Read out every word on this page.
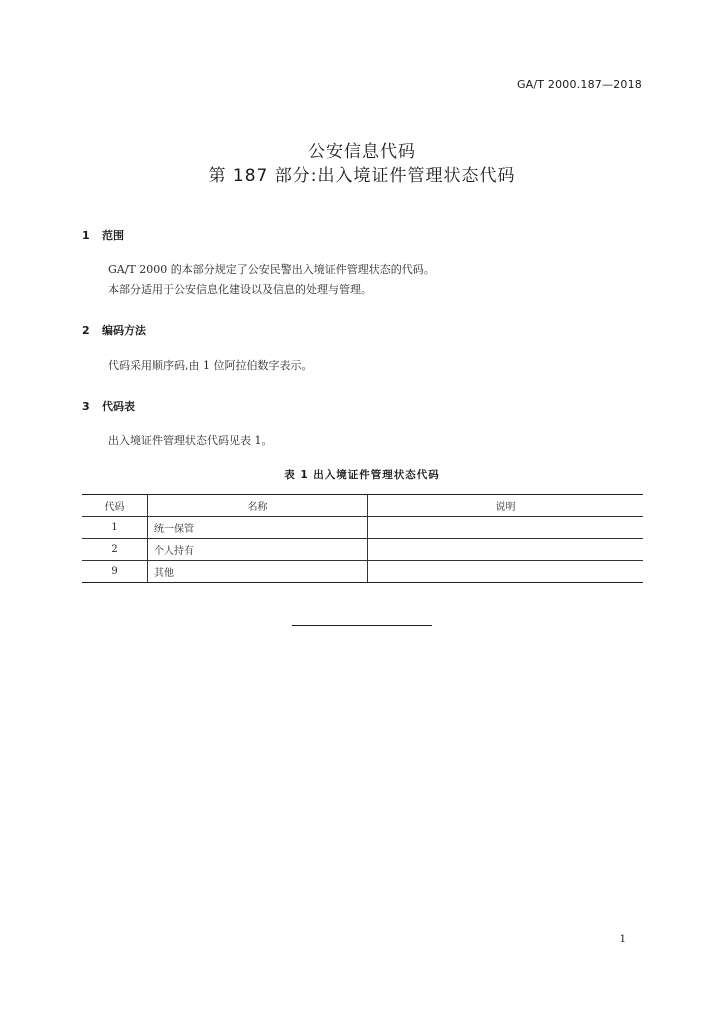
GA/T 2000.187—2018
公安信息代码
第 187 部分:出入境证件管理状态代码
1 范围
GA/T 2000 的本部分规定了公安民警出入境证件管理状态的代码。
本部分适用于公安信息化建设以及信息的处理与管理。
2 编码方法
代码采用顺序码,由 1 位阿拉伯数字表示。
3 代码表
出入境证件管理状态代码见表 1。
表 1 出入境证件管理状态代码
代码	名称	说明
1	统一保管	
2	个人持有	
9	其他	
1
